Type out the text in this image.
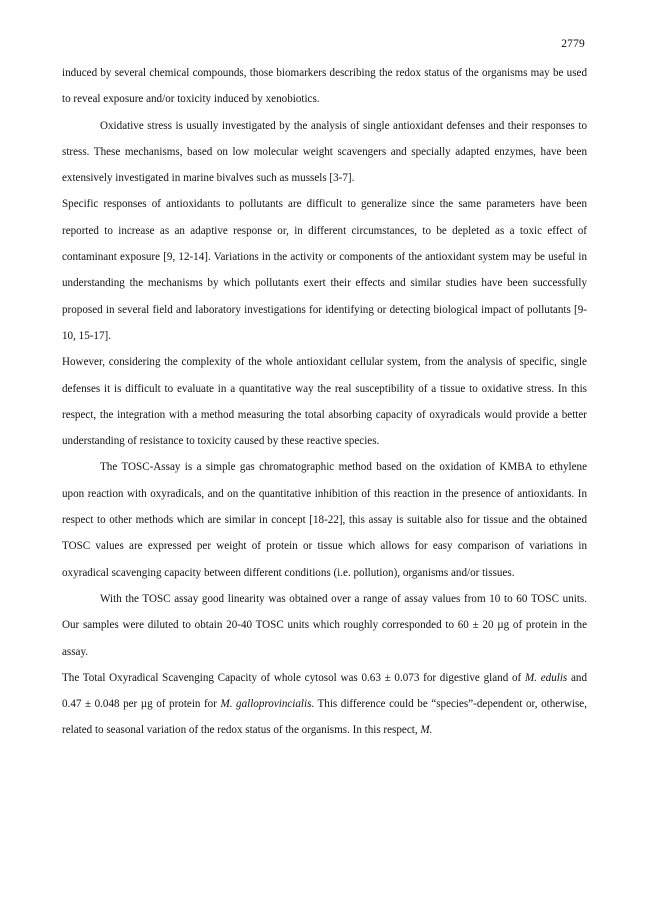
2779

induced by several chemical compounds, those biomarkers describing the redox status of the organisms may be used to reveal exposure and/or toxicity induced by xenobiotics.

Oxidative stress is usually investigated by the analysis of single antioxidant defenses and their responses to stress. These mechanisms, based on low molecular weight scavengers and specially adapted enzymes, have been extensively investigated in marine bivalves such as mussels [3-7].

Specific responses of antioxidants to pollutants are difficult to generalize since the same parameters have been reported to increase as an adaptive response or, in different circumstances, to be depleted as a toxic effect of contaminant exposure [9, 12-14]. Variations in the activity or components of the antioxidant system may be useful in understanding the mechanisms by which pollutants exert their effects and similar studies have been successfully proposed in several field and laboratory investigations for identifying or detecting biological impact of pollutants [9-10, 15-17].

However, considering the complexity of the whole antioxidant cellular system, from the analysis of specific, single defenses it is difficult to evaluate in a quantitative way the real susceptibility of a tissue to oxidative stress. In this respect, the integration with a method measuring the total absorbing capacity of oxyradicals would provide a better understanding of resistance to toxicity caused by these reactive species.

The TOSC-Assay is a simple gas chromatographic method based on the oxidation of KMBA to ethylene upon reaction with oxyradicals, and on the quantitative inhibition of this reaction in the presence of antioxidants. In respect to other methods which are similar in concept [18-22], this assay is suitable also for tissue and the obtained TOSC values are expressed per weight of protein or tissue which allows for easy comparison of variations in oxyradical scavenging capacity between different conditions (i.e. pollution), organisms and/or tissues.

With the TOSC assay good linearity was obtained over a range of assay values from 10 to 60 TOSC units. Our samples were diluted to obtain 20-40 TOSC units which roughly corresponded to 60 ± 20 µg of protein in the assay.

The Total Oxyradical Scavenging Capacity of whole cytosol was 0.63 ± 0.073 for digestive gland of M. edulis and 0.47 ± 0.048 per µg of protein for M. galloprovincialis. This difference could be “species”-dependent or, otherwise, related to seasonal variation of the redox status of the organisms. In this respect, M.
